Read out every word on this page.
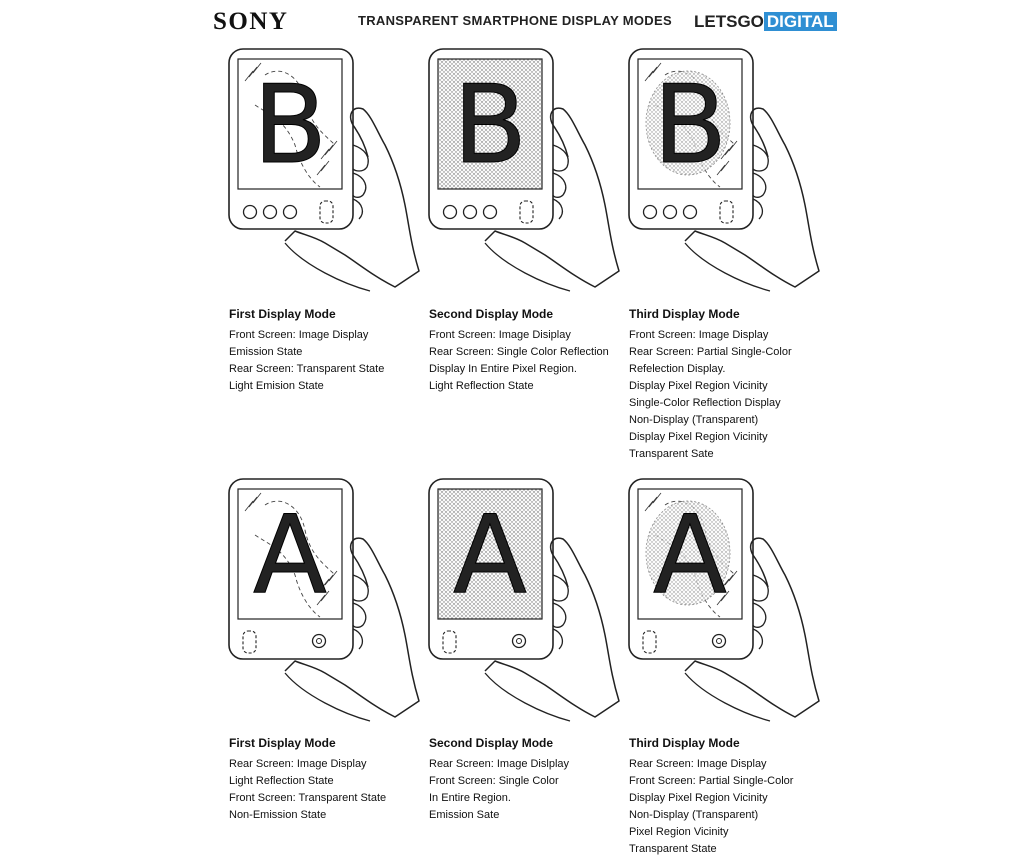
SONY	TRANSPARENT SMARTPHONE DISPLAY MODES LETSGO DIGITAL
B B B
A A A
First Display Mode
Front Screen: Image Display
Emission State
Rear Screen: Transparent State
Light Emision State
Second Display Mode
Front Screen: Image Disiplay
Rear Screen: Single Color Reflection
Display In Entire Pixel Region.
Light Reflection State
Third Display Mode
Front Screen: Image Display
Rear Screen: Partial Single-Color
Refelection Display.
Display Pixel Region Vicinity
Single-Color Reflection Display
Non-Display (Transparent)
Display Pixel Region Vicinity
Transparent Sate
First Display Mode
Rear Screen: Image Display
Light Reflection State
Front Screen: Transparent State
Non-Emission State
Second Display Mode
Rear Screen: Image Dislplay
Front Screen: Single Color
In Entire Region.
Emission Sate
Third Display Mode
Rear Screen: Image Display
Front Screen: Partial Single-Color
Display Pixel Region Vicinity
Non-Display (Transparent)
Pixel Region Vicinity
Transparent State
